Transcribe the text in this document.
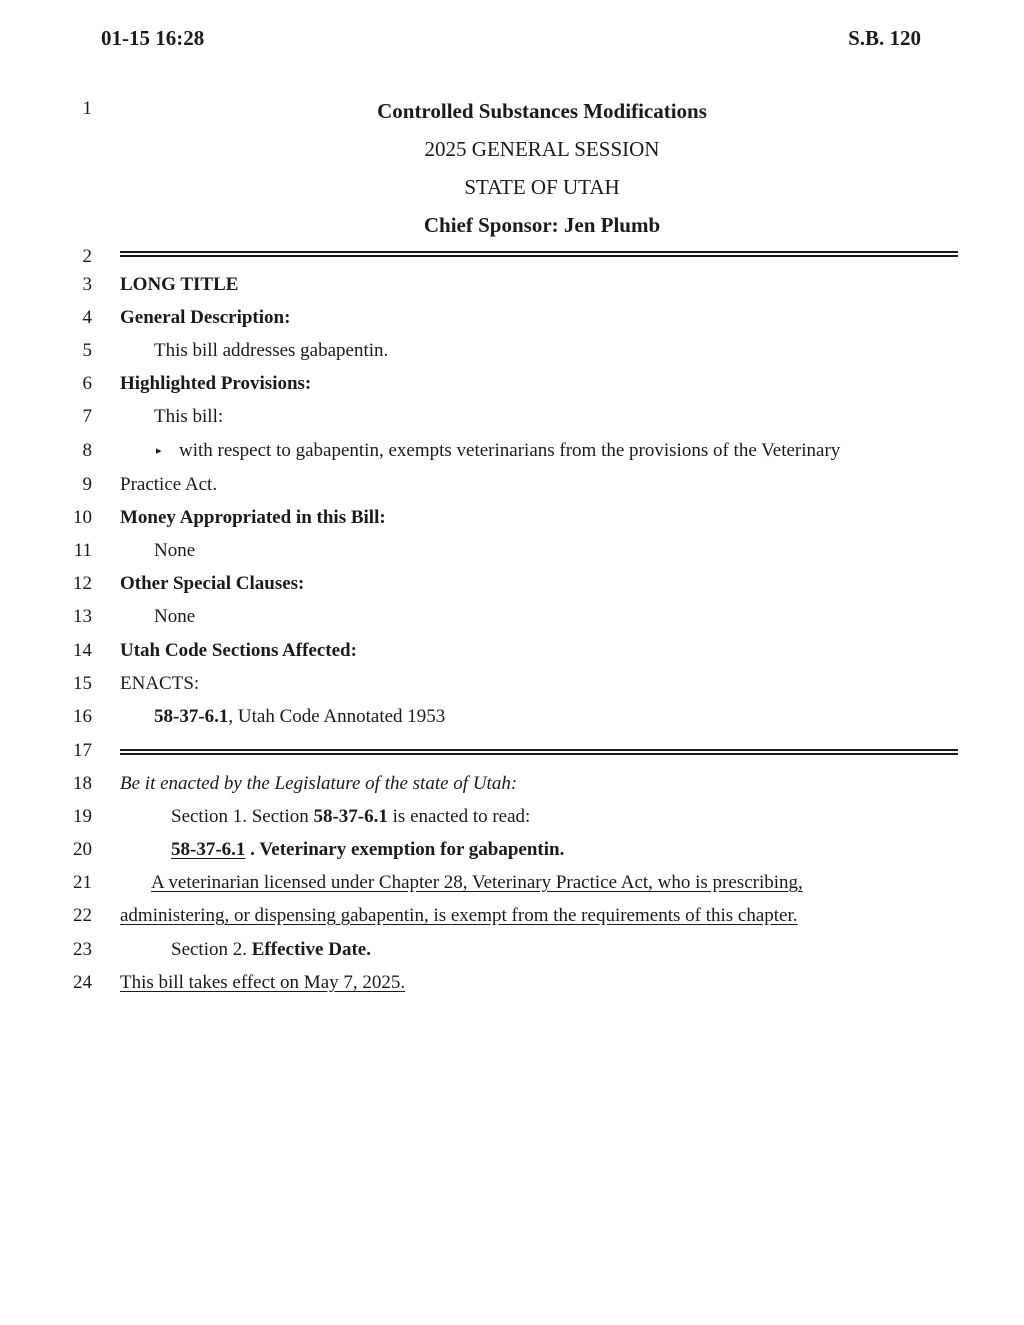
01-15 16:28	S.B. 120
1
2
3
4
5
6
7
8
9
10
11
12
13
14
15
16
17
18
19
20
21
22
23
24
Controlled Substances Modifications
2025 GENERAL SESSION
STATE OF UTAH
Chief Sponsor: Jen Plumb
LONG TITLE
General Description:
This bill addresses gabapentin.
Highlighted Provisions:
This bill:
▸ with respect to gabapentin, exempts veterinarians from the provisions of the Veterinary
Practice Act.
Money Appropriated in this Bill:
None
Other Special Clauses:
None
Utah Code Sections Affected:
ENACTS:
58-37-6.1, Utah Code Annotated 1953
Be it enacted by the Legislature of the state of Utah:
Section 1. Section 58-37-6.1 is enacted to read:
58-37-6.1 . Veterinary exemption for gabapentin.
A veterinarian licensed under Chapter 28, Veterinary Practice Act, who is prescribing,
administering, or dispensing gabapentin, is exempt from the requirements of this chapter.
Section 2. Effective Date.
This bill takes effect on May 7, 2025.
